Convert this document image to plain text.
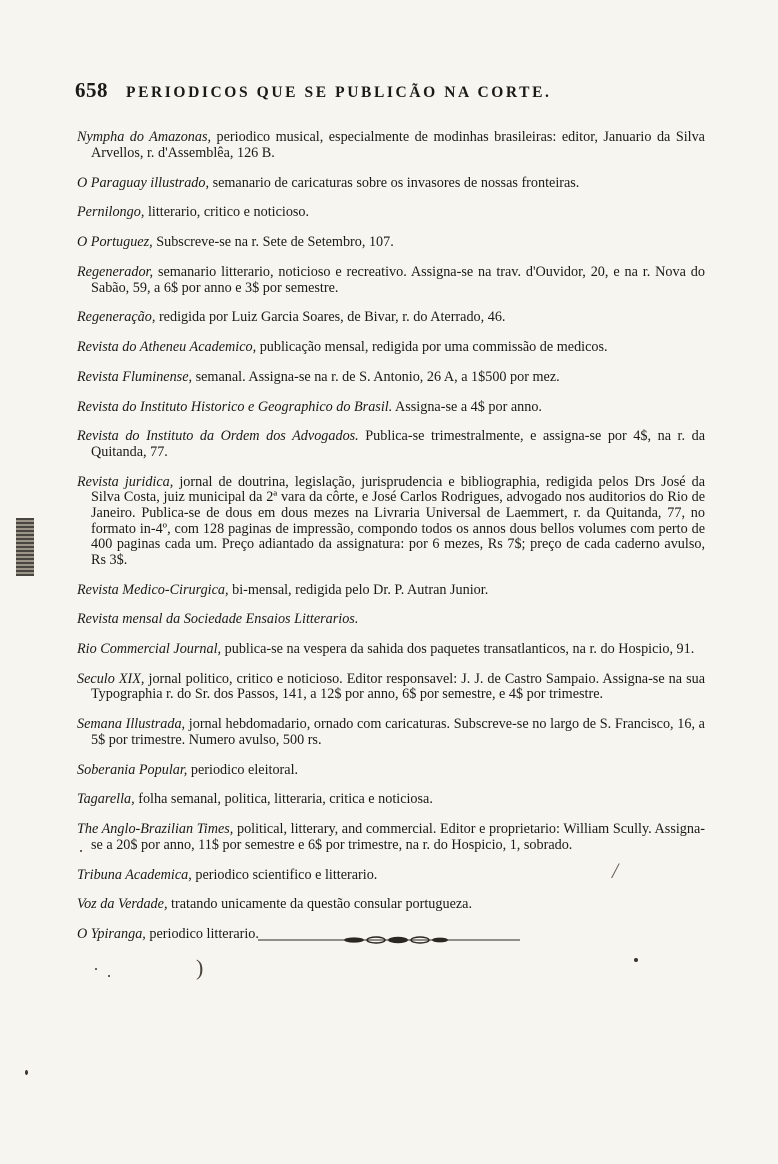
658 PERIODICOS QUE SE PUBLICÃO NA CORTE.

Nympha do Amazonas, periodico musical, especialmente de modinhas brasileiras: editor, Januario da Silva Arvellos, r. d'Assemblêa, 126 B.

O Paraguay illustrado, semanario de caricaturas sobre os invasores de nossas fronteiras.

Pernilongo, litterario, critico e noticioso.

O Portuguez, Subscreve-se na r. Sete de Setembro, 107.

Regenerador, semanario litterario, noticioso e recreativo. Assigna-se na trav. d'Ouvidor, 20, e na r. Nova do Sabão, 59, a 6$ por anno e 3$ por semestre.

Regeneração, redigida por Luiz Garcia Soares, de Bivar, r. do Aterrado, 46.

Revista do Atheneu Academico, publicação mensal, redigida por uma commissão de medicos.

Revista Fluminense, semanal. Assigna-se na r. de S. Antonio, 26 A, a 1$500 por mez.

Revista do Instituto Historico e Geographico do Brasil. Assigna-se a 4$ por anno.

Revista do Instituto da Ordem dos Advogados. Publica-se trimestralmente, e assigna-se por 4$, na r. da Quitanda, 77.

Revista juridica, jornal de doutrina, legislação, jurisprudencia e bibliographia, redigida pelos Drs José da Silva Costa, juiz municipal da 2ª vara da côrte, e José Carlos Rodrigues, advogado nos auditorios do Rio de Janeiro. Publica-se de dous em dous mezes na Livraria Universal de Laemmert, r. da Quitanda, 77, no formato in-4º, com 128 paginas de impressão, compondo todos os annos dous bellos volumes com perto de 400 paginas cada um. Preço adiantado da assignatura: por 6 mezes, Rs 7$; preço de cada caderno avulso, Rs 3$.

Revista Medico-Cirurgica, bi-mensal, redigida pelo Dr. P. Autran Junior.

Revista mensal da Sociedade Ensaios Litterarios.

Rio Commercial Journal, publica-se na vespera da sahida dos paquetes transatlanticos, na r. do Hospicio, 91.

Seculo XIX, jornal politico, critico e noticioso. Editor responsavel: J. J. de Castro Sampaio. Assigna-se na sua Typographia r. do Sr. dos Passos, 141, a 12$ por anno, 6$ por semestre, e 4$ por trimestre.

Semana Illustrada, jornal hebdomadario, ornado com caricaturas. Subscreve-se no largo de S. Francisco, 16, a 5$ por trimestre. Numero avulso, 500 rs.

Soberania Popular, periodico eleitoral.

Tagarella, folha semanal, politica, litteraria, critica e noticiosa.

The Anglo-Brazilian Times, political, litterary, and commercial. Editor e proprietario: William Scully. Assigna-se a 20$ por anno, 11$ por semestre e 6$ por trimestre, na r. do Hospicio, 1, sobrado.

Tribuna Academica, periodico scientifico e litterario.

Voz da Verdade, tratando unicamente da questão consular portugueza.

O Ypiranga, periodico litterario.

)
/
